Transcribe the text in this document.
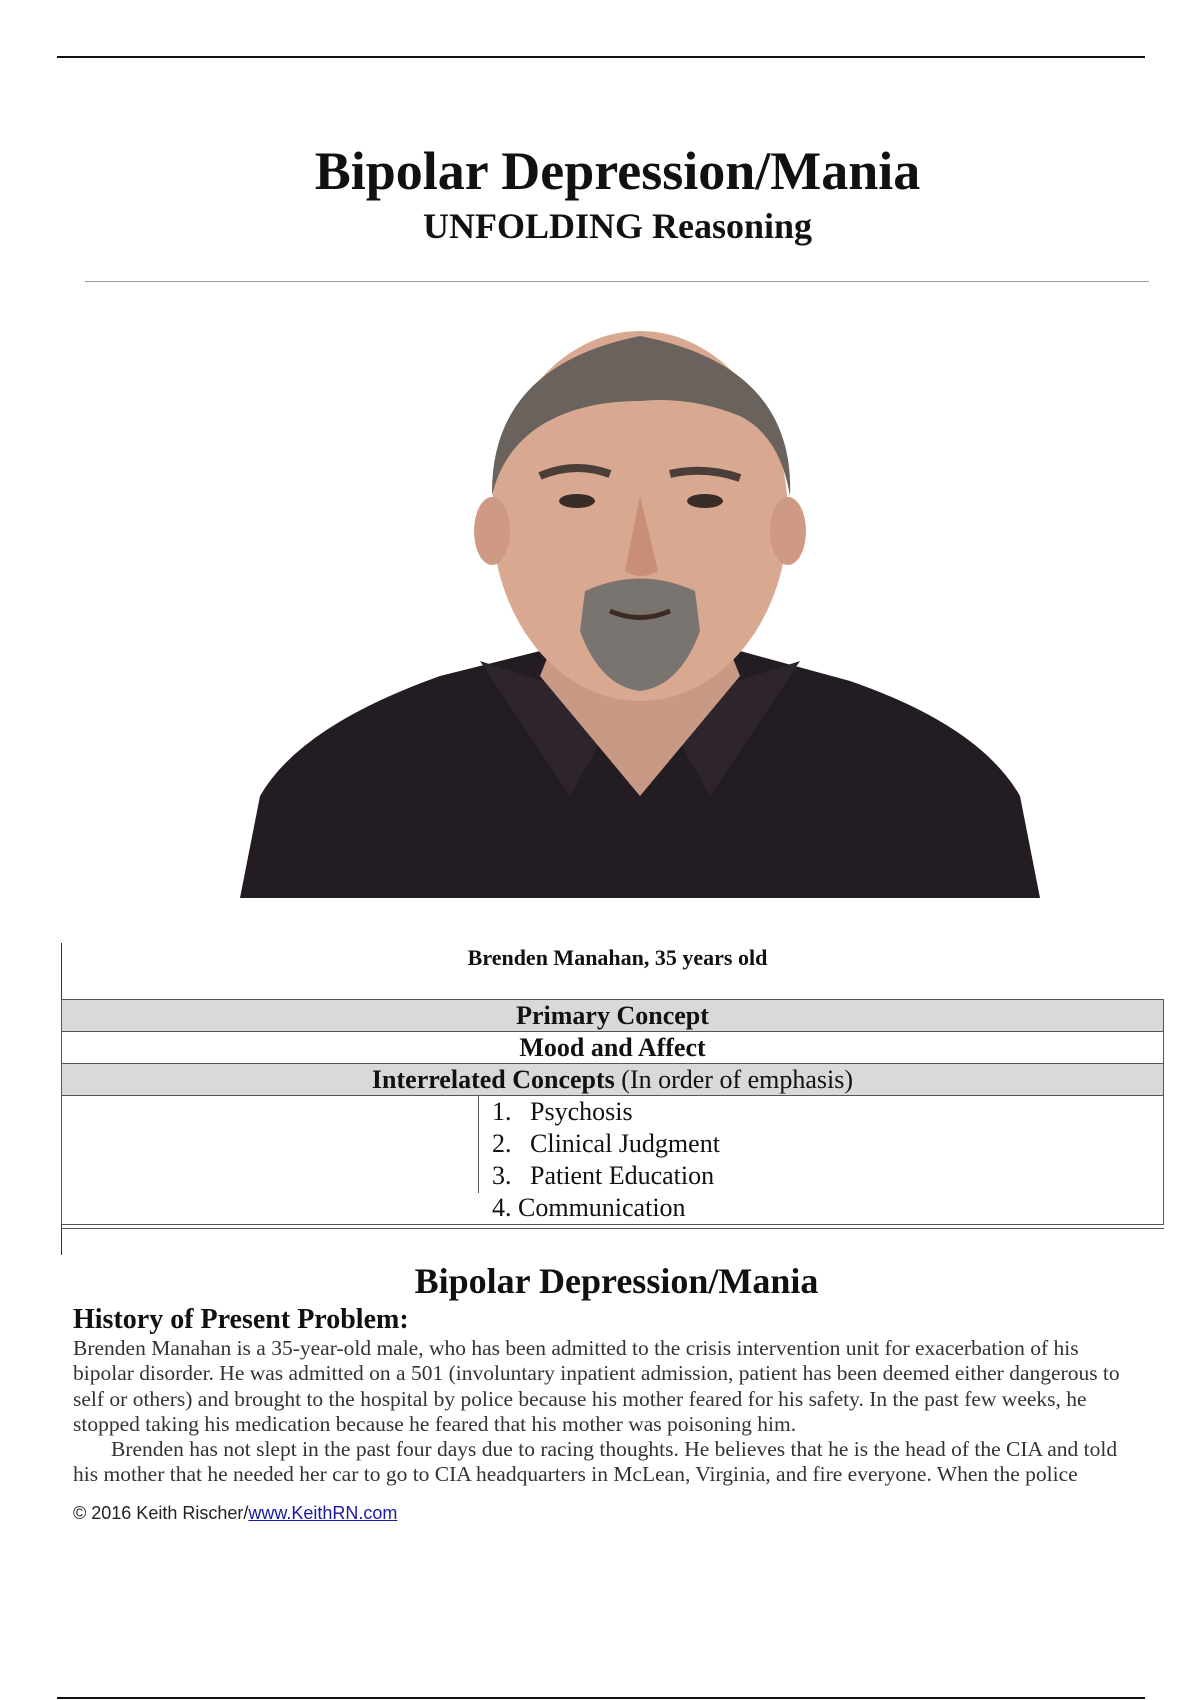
Bipolar Depression/Mania
UNFOLDING Reasoning
Brenden Manahan, 35 years old
Primary Concept
Mood and Affect
Interrelated Concepts (In order of emphasis)
1. Psychosis
2. Clinical Judgment
3. Patient Education
4. Communication
Bipolar Depression/Mania
History of Present Problem:
Brenden Manahan is a 35-year-old male, who has been admitted to the crisis intervention unit for exacerbation of his
bipolar disorder. He was admitted on a 501 (involuntary inpatient admission, patient has been deemed either dangerous to
self or others) and brought to the hospital by police because his mother feared for his safety. In the past few weeks, he
stopped taking his medication because he feared that his mother was poisoning him.
Brenden has not slept in the past four days due to racing thoughts. He believes that he is the head of the CIA and told
his mother that he needed her car to go to CIA headquarters in McLean, Virginia, and fire everyone. When the police
© 2016 Keith Rischer/www.KeithRN.com
